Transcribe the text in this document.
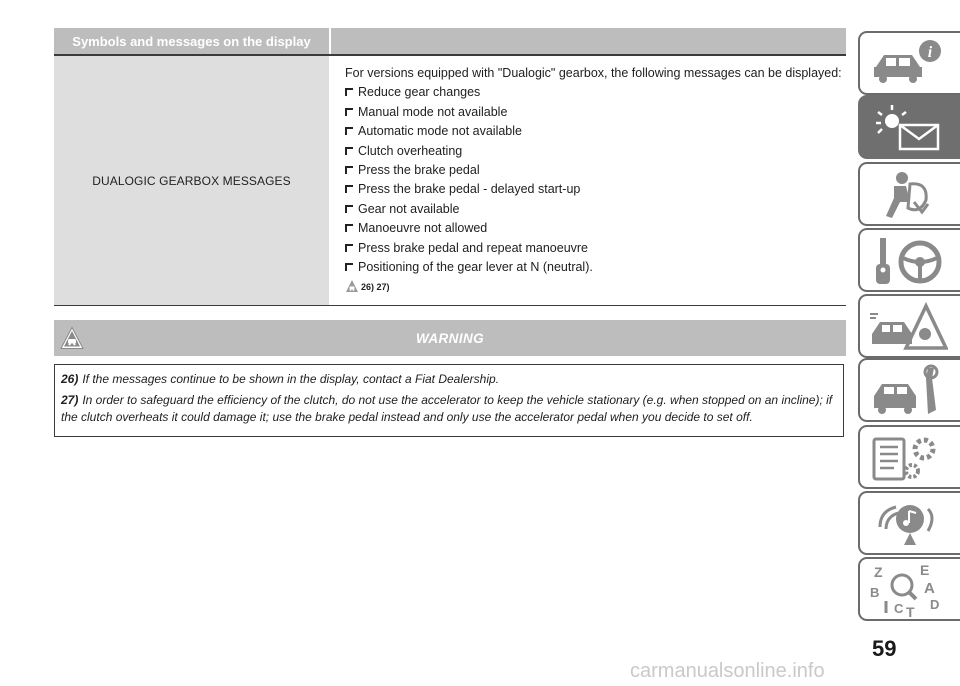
Symbols and messages on the display
DUALOGIC GEARBOX MESSAGES
For versions equipped with "Dualogic" gearbox, the following messages can be displayed:
Reduce gear changes
Manual mode not available
Automatic mode not available
Clutch overheating
Press the brake pedal
Press the brake pedal - delayed start-up
Gear not available
Manoeuvre not allowed
Press brake pedal and repeat manoeuvre
Positioning of the gear lever at N (neutral).
26) 27)
WARNING

26) If the messages continue to be shown in the display, contact a Fiat Dealership.

27) In order to safeguard the efficiency of the clutch, do not use the accelerator to keep the vehicle stationary (e.g. when stopped on an incline); if the clutch overheats it could damage it; use the brake pedal instead and only use the accelerator pedal when you decide to set off.

i
Z	E
B	A
C D
T
59
carmanualsonline.info
